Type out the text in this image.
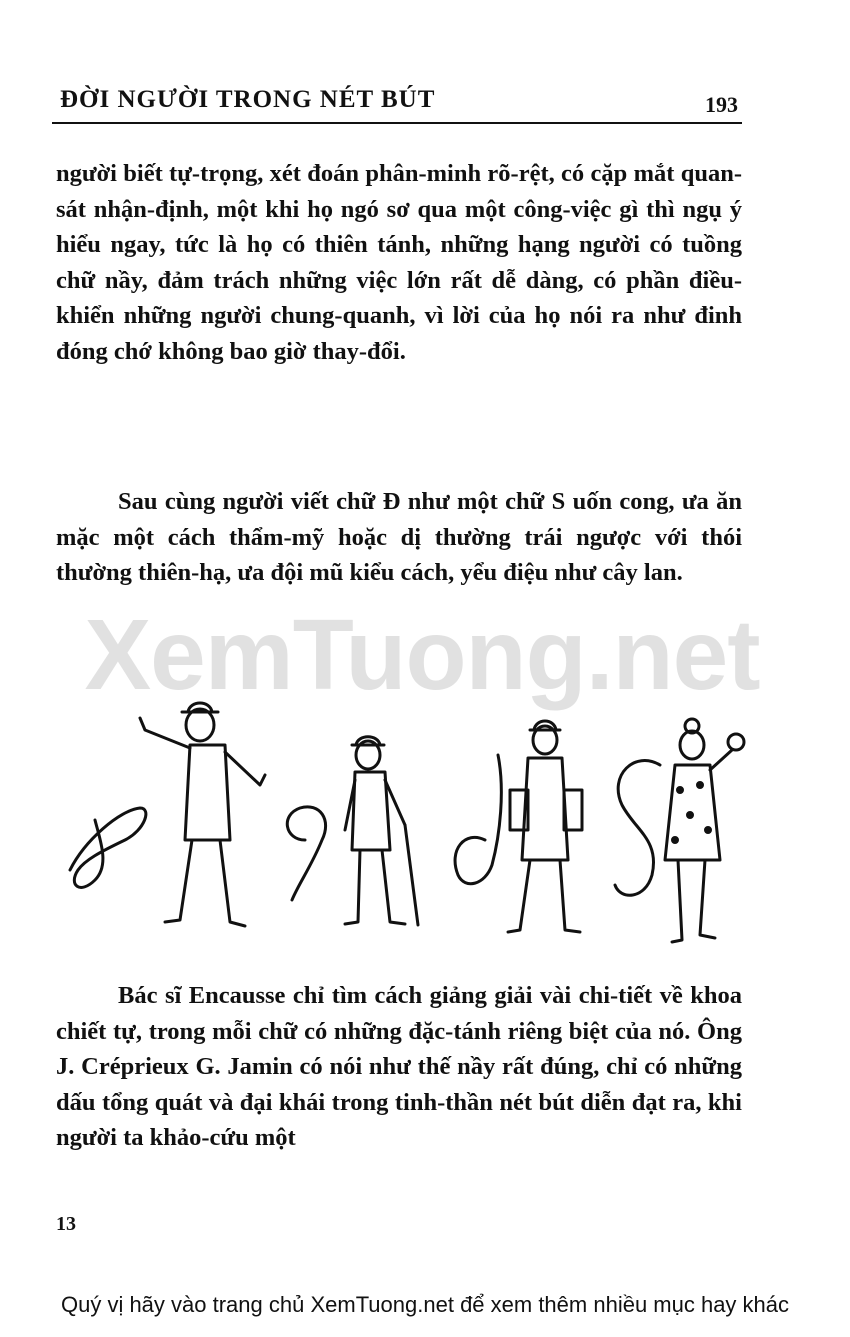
ĐỜI NGƯỜI TRONG NÉT BÚT	193

người biết tự-trọng, xét đoán phân-minh rõ-rệt, có cặp mắt quan-sát nhận-định, một khi họ ngó sơ qua một công-việc gì thì ngụ ý hiểu ngay, tức là họ có thiên tánh, những hạng người có tuồng chữ nầy, đảm trách những việc lớn rất dễ dàng, có phần điều-khiển những người chung-quanh, vì lời của họ nói ra như đinh đóng chớ không bao giờ thay-đổi.

Sau cùng người viết chữ Đ như một chữ S uốn cong, ưa ăn mặc một cách thẩm-mỹ hoặc dị thường trái ngược với thói thường thiên-hạ, ưa đội mũ kiểu cách, yểu điệu như cây lan.

XemTuong.net

Bác sĩ Encausse chỉ tìm cách giảng giải vài chi-tiết về khoa chiết tự, trong mỗi chữ có những đặc-tánh riêng biệt của nó. Ông J. Créprieux G. Jamin có nói như thế nầy rất đúng, chỉ có những dấu tổng quát và đại khái trong tinh-thần nét bút diễn đạt ra, khi người ta khảo-cứu một

13
Quý vị hãy vào trang chủ XemTuong.net để xem thêm nhiều mục hay khác
